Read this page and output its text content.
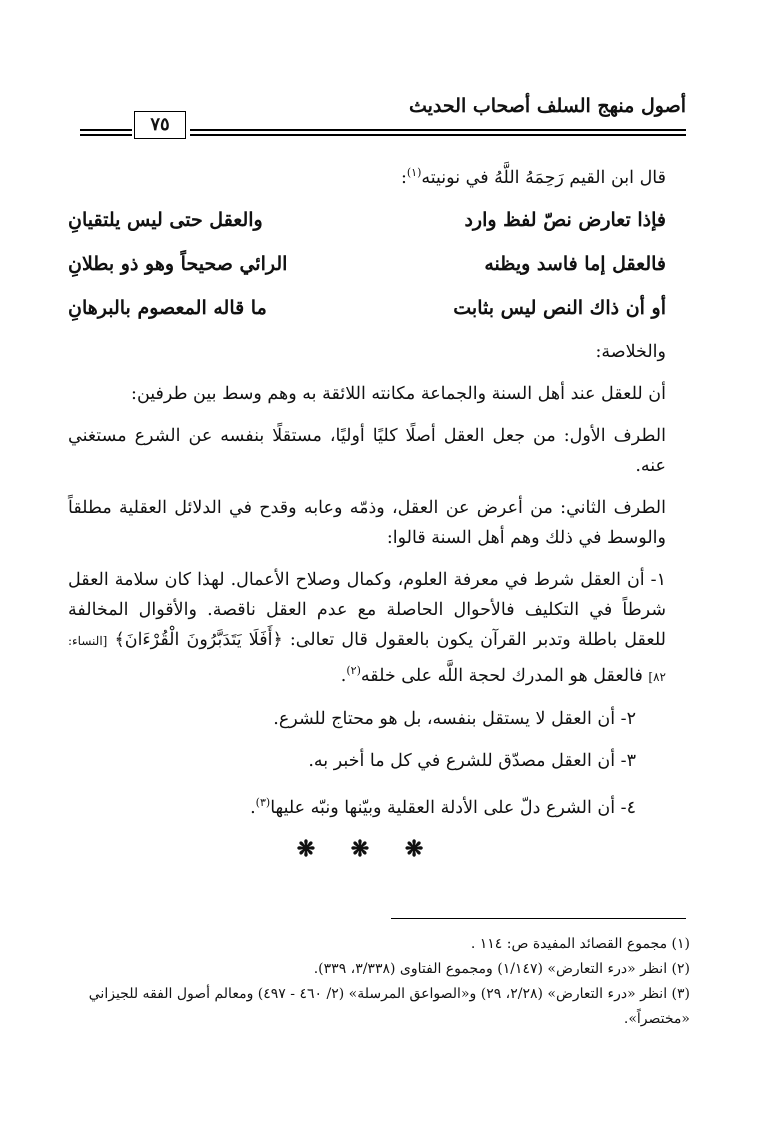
أصول منهج السلف أصحاب الحديث
٧٥

قال ابن القيم رَحِمَهُ اللَّهُ في نونيته$^{(١)}$:

فإذا تعارض نصّ لفظ وارد
والعقل حتى ليس يلتقيانِ
فالعقل إما فاسد ويظنه
الرائي صحيحاً وهو ذو بطلانِ
أو أن ذاك النص ليس بثابت
ما قاله المعصوم بالبرهانِ

والخلاصة:

أن للعقل عند أهل السنة والجماعة مكانته اللائقة به وهم وسط بين طرفين:

الطرف الأول: من جعل العقل أصلًا كليًا أوليًا، مستقلًا بنفسه عن الشرع مستغني عنه.

الطرف الثاني: من أعرض عن العقل، وذمّه وعابه وقدح في الدلائل العقلية مطلقاً والوسط في ذلك وهم أهل السنة قالوا:

١- أن العقل شرط في معرفة العلوم، وكمال وصلاح الأعمال. لهذا كان سلامة العقل شرطاً في التكليف فالأحوال الحاصلة مع عدم العقل ناقصة. والأقوال المخالفة للعقل باطلة وتدبر القرآن يكون بالعقول قال تعالى: ﴿أَفَلَا يَتَدَبَّرُونَ الْقُرْءَانَ﴾ [النساء: ٨٢] فالعقل هو المدرك لحجة اللَّه على خلقه$^{(٢)}$.

٢- أن العقل لا يستقل بنفسه، بل هو محتاج للشرع.

٣- أن العقل مصدّق للشرع في كل ما أخبر به.

٤- أن الشرع دلّ على الأدلة العقلية وبيّنها ونبّه عليها$^{(٣)}$.

❋ ❋ ❋

(١) مجموع القصائد المفيدة ص: ١١٤ .

(٢) انظر «درء التعارض» (١/١٤٧) ومجموع الفتاوى (٣/٣٣٨، ٣٣٩).

(٣) انظر «درء التعارض» (٢/٢٨، ٢٩) و«الصواعق المرسلة» (٢/ ٤٦٠ - ٤٩٧) ومعالم أصول الفقه للجيزاني «مختصراً».
